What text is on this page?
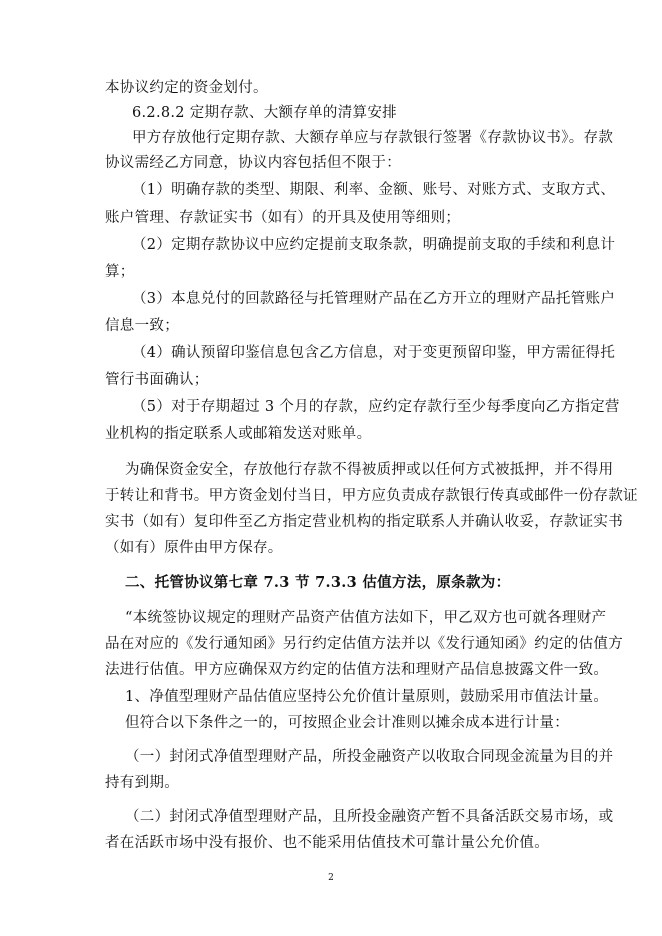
本协议约定的资金划付。
6.2.8.2 定期存款、大额存单的清算安排
甲方存放他行定期存款、大额存单应与存款银行签署《存款协议书》。存款
协议需经乙方同意，协议内容包括但不限于：
（1）明确存款的类型、期限、利率、金额、账号、对账方式、支取方式、
账户管理、存款证实书（如有）的开具及使用等细则；
（2）定期存款协议中应约定提前支取条款，明确提前支取的手续和利息计
算；
（3）本息兑付的回款路径与托管理财产品在乙方开立的理财产品托管账户
信息一致；
（4）确认预留印鉴信息包含乙方信息，对于变更预留印鉴，甲方需征得托
管行书面确认；
（5）对于存期超过 3 个月的存款，应约定存款行至少每季度向乙方指定营
业机构的指定联系人或邮箱发送对账单。
为确保资金安全，存放他行存款不得被质押或以任何方式被抵押，并不得用
于转让和背书。甲方资金划付当日，甲方应负责成存款银行传真或邮件一份存款证
实书（如有）复印件至乙方指定营业机构的指定联系人并确认收妥，存款证实书
（如有）原件由甲方保存。
二、托管协议第七章 7.3 节 7.3.3 估值方法，原条款为：
“本统签协议规定的理财产品资产估值方法如下，甲乙双方也可就各理财产
品在对应的《发行通知函》另行约定估值方法并以《发行通知函》约定的估值方
法进行估值。甲方应确保双方约定的估值方法和理财产品信息披露文件一致。
1、净值型理财产品估值应坚持公允价值计量原则，鼓励采用市值法计量。
但符合以下条件之一的，可按照企业会计准则以摊余成本进行计量：
（一）封闭式净值型理财产品，所投金融资产以收取合同现金流量为目的并
持有到期。
（二）封闭式净值型理财产品，且所投金融资产暂不具备活跃交易市场，或
者在活跃市场中没有报价、也不能采用估值技术可靠计量公允价值。
2
